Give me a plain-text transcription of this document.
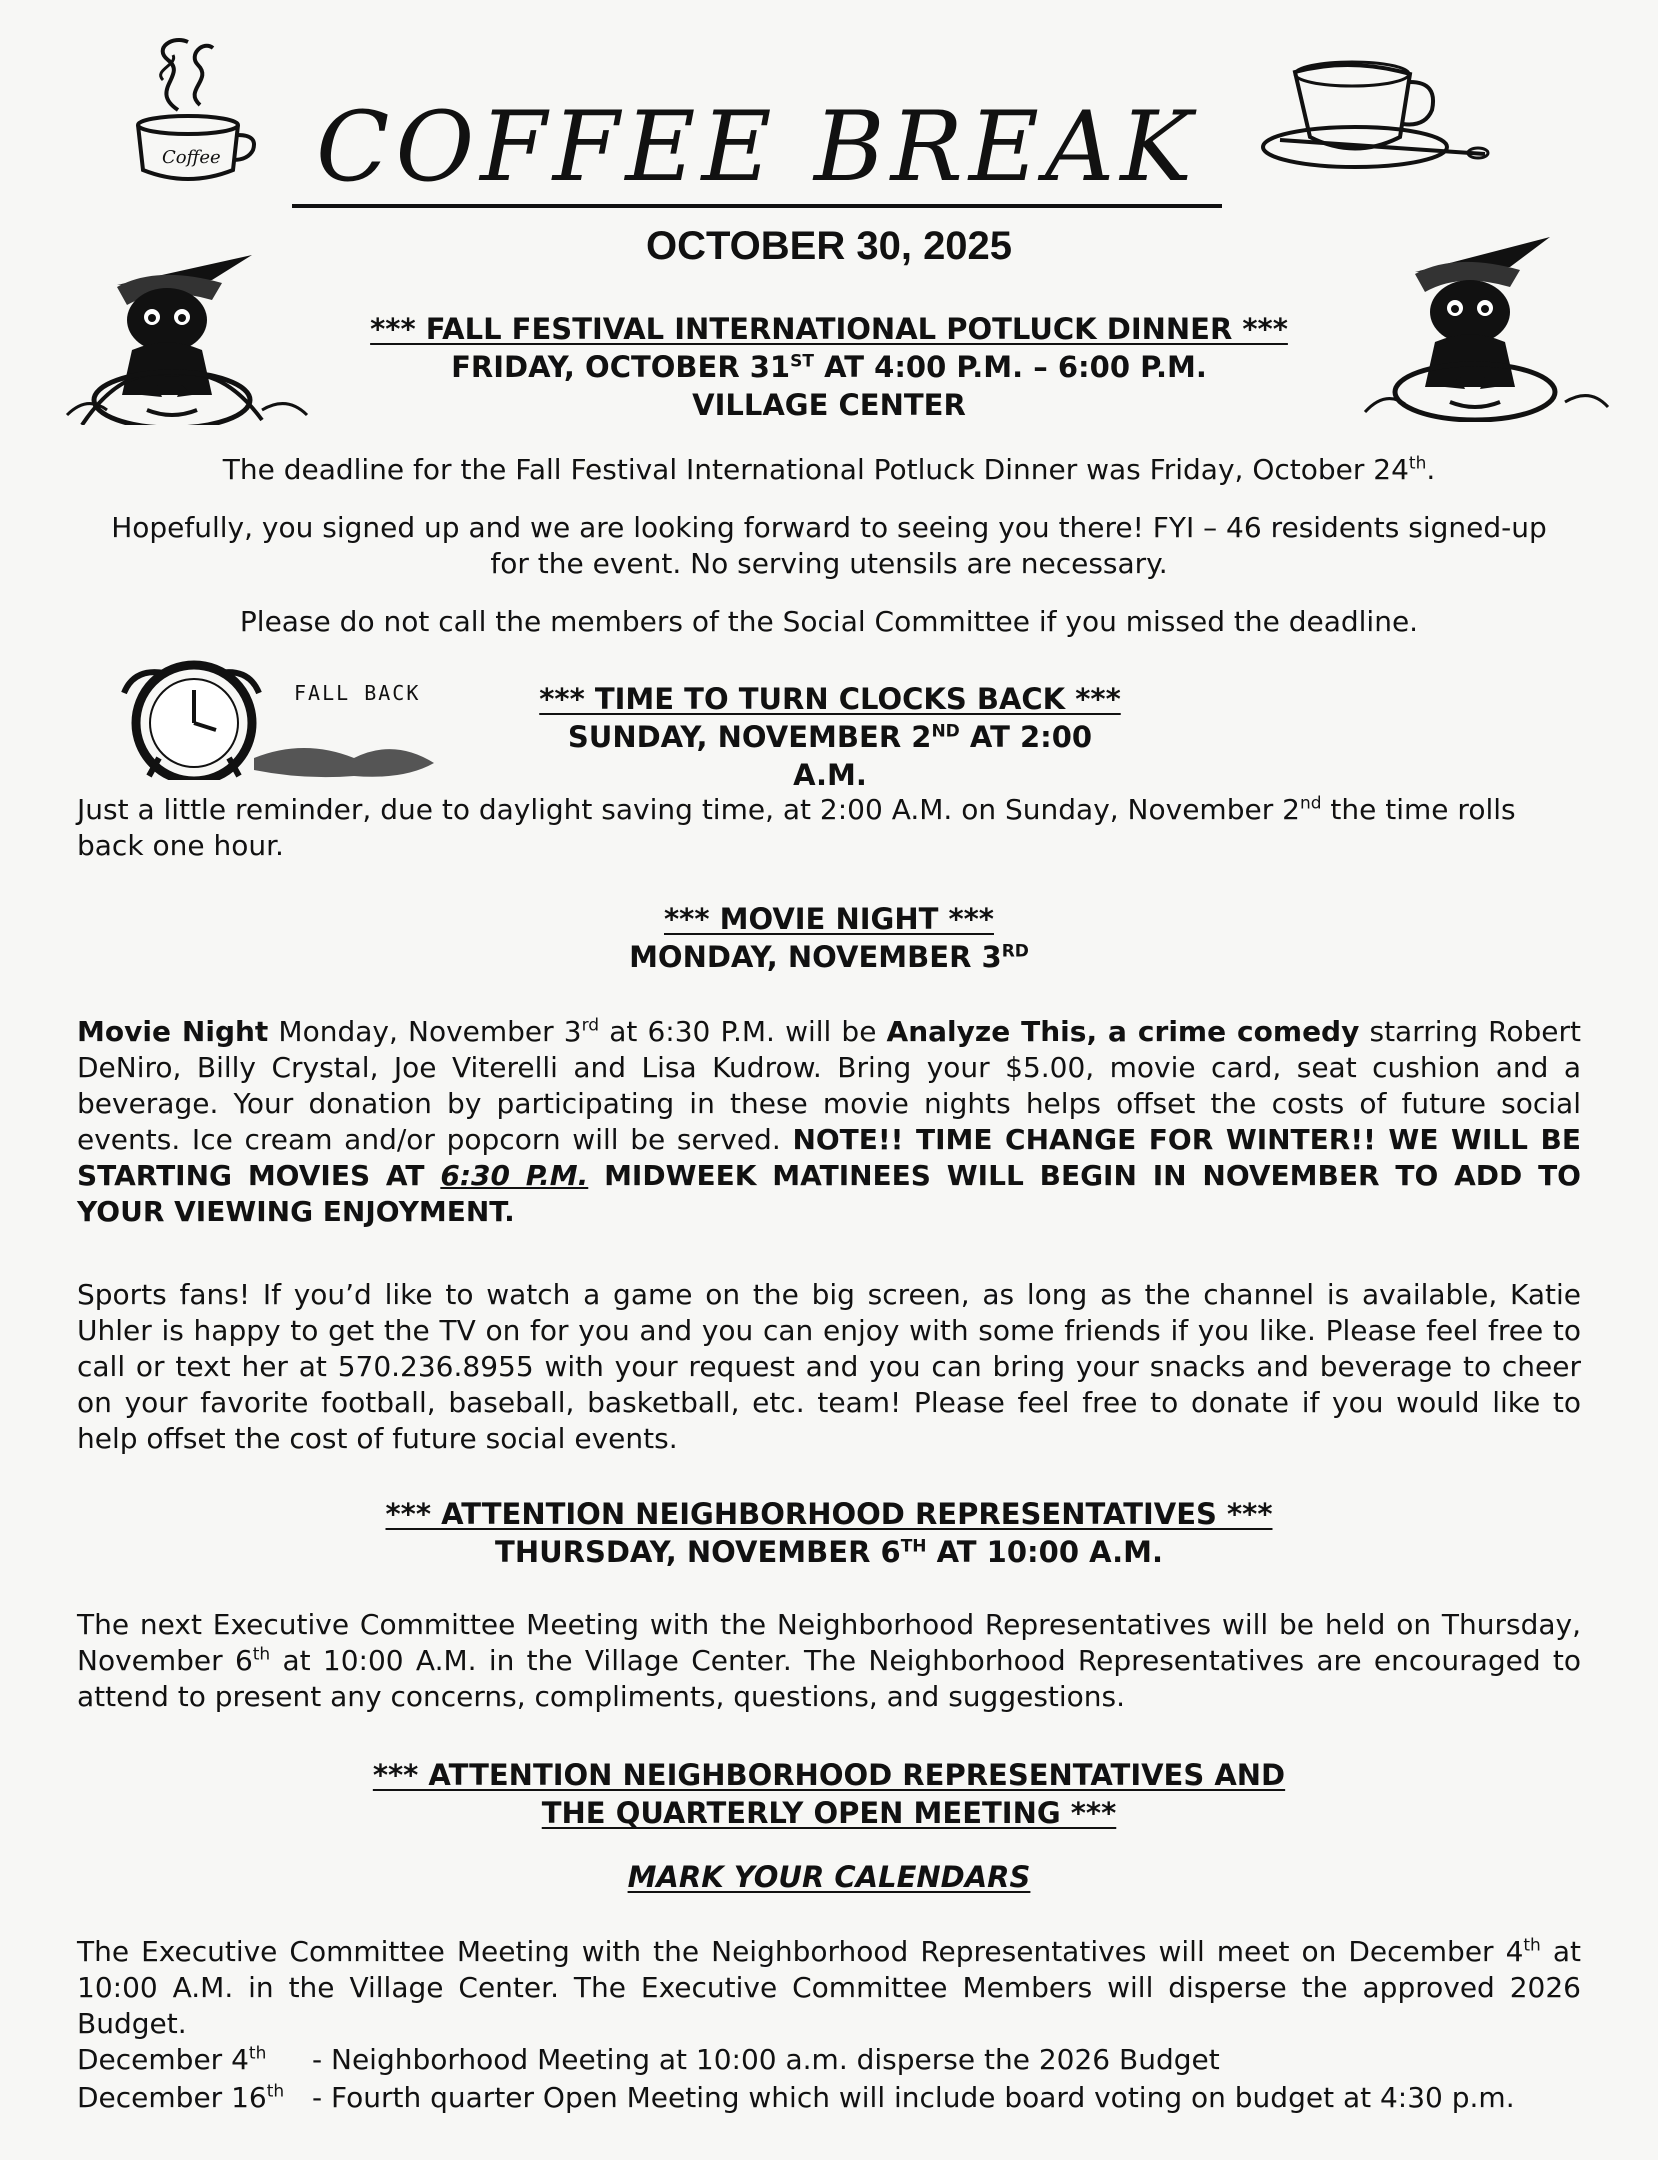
Coffee COFFEE BREAK
OCTOBER 30, 2025
*** FALL FESTIVAL INTERNATIONAL POTLUCK DINNER ***
FRIDAY, OCTOBER 31ST AT 4:00 P.M. – 6:00 P.M.
VILLAGE CENTER
The deadline for the Fall Festival International Potluck Dinner was Friday, October 24th.
Hopefully, you signed up and we are looking forward to seeing you there! FYI – 46 residents signed-up for the event. No serving utensils are necessary.
Please do not call the members of the Social Committee if you missed the deadline.
FALL BACK	*** TIME TO TURN CLOCKS BACK ***
SUNDAY, NOVEMBER 2ND AT 2:00 A.M.
Just a little reminder, due to daylight saving time, at 2:00 A.M. on Sunday, November 2nd the time rolls back one hour.
*** MOVIE NIGHT ***
MONDAY, NOVEMBER 3RD
Movie Night Monday, November 3rd at 6:30 P.M. will be Analyze This, a crime comedy starring Robert DeNiro, Billy Crystal, Joe Viterelli and Lisa Kudrow. Bring your $5.00, movie card, seat cushion and a beverage. Your donation by participating in these movie nights helps offset the costs of future social events. Ice cream and/or popcorn will be served. NOTE!! TIME CHANGE FOR WINTER!! WE WILL BE STARTING MOVIES AT 6:30 P.M. MIDWEEK MATINEES WILL BEGIN IN NOVEMBER TO ADD TO YOUR VIEWING ENJOYMENT.
Sports fans! If you’d like to watch a game on the big screen, as long as the channel is available, Katie Uhler is happy to get the TV on for you and you can enjoy with some friends if you like. Please feel free to call or text her at 570.236.8955 with your request and you can bring your snacks and beverage to cheer on your favorite football, baseball, basketball, etc. team! Please feel free to donate if you would like to help offset the cost of future social events.
*** ATTENTION NEIGHBORHOOD REPRESENTATIVES ***
THURSDAY, NOVEMBER 6TH AT 10:00 A.M.
The next Executive Committee Meeting with the Neighborhood Representatives will be held on Thursday, November 6th at 10:00 A.M. in the Village Center. The Neighborhood Representatives are encouraged to attend to present any concerns, compliments, questions, and suggestions.
*** ATTENTION NEIGHBORHOOD REPRESENTATIVES AND
THE QUARTERLY OPEN MEETING ***
MARK YOUR CALENDARS
The Executive Committee Meeting with the Neighborhood Representatives will meet on December 4th at 10:00 A.M. in the Village Center. The Executive Committee Members will disperse the approved 2026 Budget.
December 4th - Neighborhood Meeting at 10:00 a.m. disperse the 2026 Budget
December 16th - Fourth quarter Open Meeting which will include board voting on budget at 4:30 p.m.
